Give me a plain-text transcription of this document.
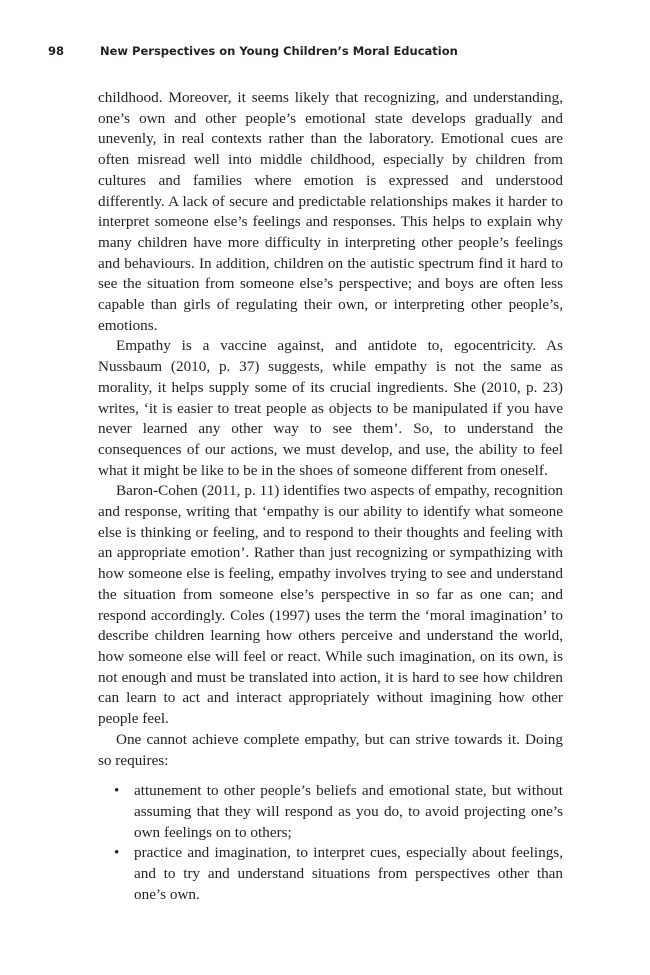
98	New Perspectives on Young Children’s Moral Education

childhood. Moreover, it seems likely that recognizing, and understanding, one’s own and other people’s emotional state develops gradually and unevenly, in real contexts rather than the laboratory. Emotional cues are often misread well into middle childhood, especially by children from cultures and families where emotion is expressed and understood differently. A lack of secure and predictable relationships makes it harder to interpret someone else’s feelings and responses. This helps to explain why many children have more difficulty in interpreting other people’s feelings and behaviours. In addition, children on the autistic spectrum find it hard to see the situation from someone else’s perspective; and boys are often less capable than girls of regulating their own, or interpreting other people’s, emotions.

Empathy is a vaccine against, and antidote to, egocentricity. As Nussbaum (2010, p. 37) suggests, while empathy is not the same as morality, it helps supply some of its crucial ingredients. She (2010, p. 23) writes, ‘it is easier to treat people as objects to be manipulated if you have never learned any other way to see them’. So, to understand the consequences of our actions, we must develop, and use, the ability to feel what it might be like to be in the shoes of someone different from oneself.

Baron-Cohen (2011, p. 11) identifies two aspects of empathy, recognition and response, writing that ‘empathy is our ability to identify what someone else is thinking or feeling, and to respond to their thoughts and feeling with an appropriate emotion’. Rather than just recognizing or sympathizing with how someone else is feeling, empathy involves trying to see and understand the situation from someone else’s perspective in so far as one can; and respond accordingly. Coles (1997) uses the term the ‘moral imagination’ to describe children learning how others perceive and understand the world, how someone else will feel or react. While such imagination, on its own, is not enough and must be translated into action, it is hard to see how children can learn to act and interact appropriately without imagining how other people feel.

One cannot achieve complete empathy, but can strive towards it. Doing so requires:

• attunement to other people’s beliefs and emotional state, but without assuming that they will respond as you do, to avoid projecting one’s own feelings on to others;
• practice and imagination, to interpret cues, especially about feelings, and to try and understand situations from perspectives other than one’s own.
